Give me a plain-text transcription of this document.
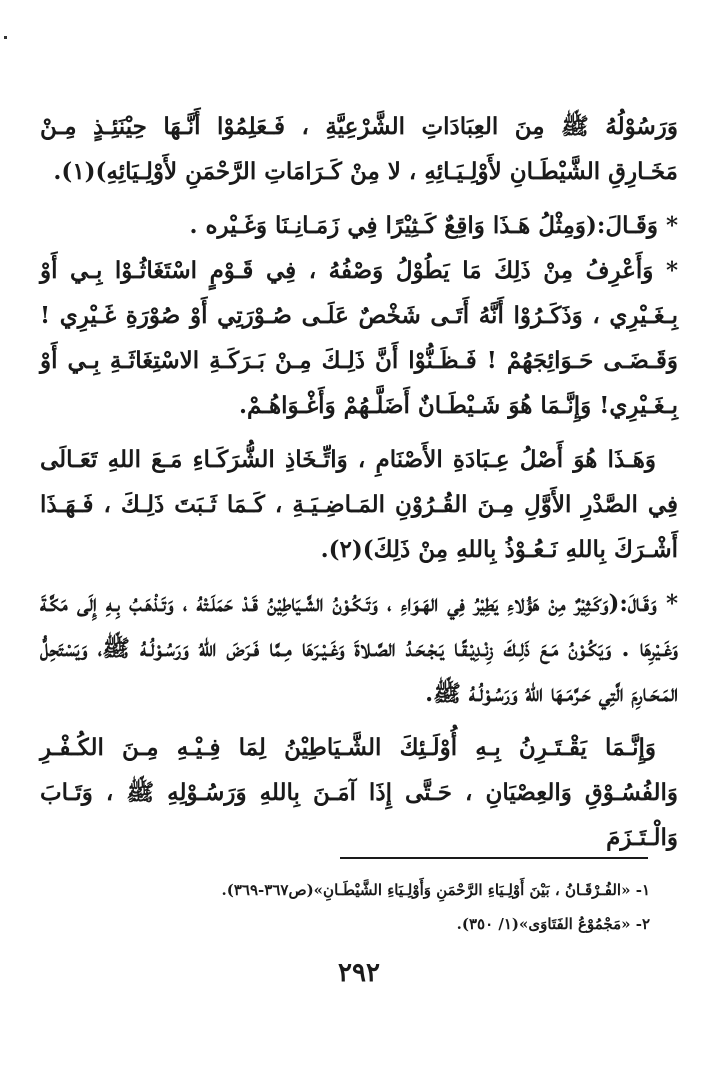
وَرَسُوْلُهُ ﷺ مِنَ العِبَادَاتِ الشَّرْعِيَّةِ ، فَـعَلِمُوْا أَنَّـهَا حِيْنَئِـذٍ مِـنْ مَخَـارِقِ الشَّيْطَـانِ لأَوْلِـيَـائِهِ ، لا مِنْ كَـرَامَاتِ الرَّحْمَنِ لأَوْلِـيَائِهِ)(١).

* وَقَـالَ:(وَمِثْلُ هَـذَا وَاقِعٌ كَـثِيْرًا فِي زَمَـانِـنَا وَغَـيْره .

* وَأَعْرِفُ مِنْ ذَلِكَ مَا يَطُوْلُ وَصْفُهُ ، فِي قَـوْمٍ اسْتَغَاثُـوْا بِـي أَوْ بِـغَـيْرِي ، وَذَكَـرُوْا أَنَّهُ أَتَـى شَخْصٌ عَلَـى صُـوْرَتِي أَوْ صُوْرَةِ غَـيْرِي ! وَقَـضَـى حَـوَائِجَهُمْ ! فَـظَـنُّوْا أَنَّ ذَلِـكَ مِـنْ بَـرَكَـةِ الاسْتِغَاثَـةِ بِـي أَوْ بِـغَـيْرِي! وَإِنَّـمَا هُوَ شَـيْطَـانٌ أَضَلَّـهُمْ وَأَغْـوَاهُـمْ.

وَهَـذَا هُوَ أَصْلُ عِـبَادَةِ الأَصْنَامِ ، وَاتِّـخَاذِ الشُّرَكَـاءِ مَـعَ اللهِ تَعَـالَى فِي الصَّدْرِ الأَوَّلِ مِـنَ القُـرُوْنِ المَـاضِـيَـةِ ، كَـمَا ثَـبَتَ ذَلِـكَ ، فَـهَـذَا أَشْـرَكَ بِاللهِ نَـعُـوْذُ بِاللهِ مِنْ ذَلِكَ)(٢).

* وَقَـالَ:(وَكَـثِيْرٌ مِنْ هَؤُلاءِ يَطِيْرُ فِي الهَـوَاءِ ، وَتَـكُـوْنُ الشَّـيَاطِيْنُ قَـدْ حَمَلَـتْهُ ، وَتَـذْهَـبُ بِـهِ إِلَى مَكَّـةَ وَغَـيْرِهَا . وَيَكُـوْنُ مَـعَ ذَلِـكَ زِنْـدِيْـقًـا يَـجْـحَـدُ الصَّـلاةَ وَغَـيْـرَهَا مِـمَّا فَـرَضَ اللهُ وَرَسُـوْلُـهُ ﷺ، وَيَسْتَحِلُّ المَـحَـارِمَ الَّتِي حَـرَّمَـهَا اللهُ وَرَسُـوْلُـهُ ﷺ.

وَإِنَّـمَا يَقْـتَـرِنُ بِـهِ أُوْلَـئِكَ الشَّـيَاطِيْنُ لِمَا فِـيْـهِ مِـنَ الكُـفْـرِ وَالفُسُـوْقِ وَالعِصْيَانِ ، حَـتَّى إِذَا آمَـنَ بِاللهِ وَرَسُـوْلِهِ ﷺ ، وَتَـابَ وَالْـتَـزَمَ

١- «الفُـرْقَـانُ ، بَيْنَ أَوْلِـيَاءِ الرَّحْمَنِ وَأَوْلِـيَاءِ الشَّيْطَـانِ»(ص٣٦٧-٣٦٩).
٢- «مَجْمُوْعُ الفَتَاوَى»(١/ ٣٥٠).
٢٩٢
